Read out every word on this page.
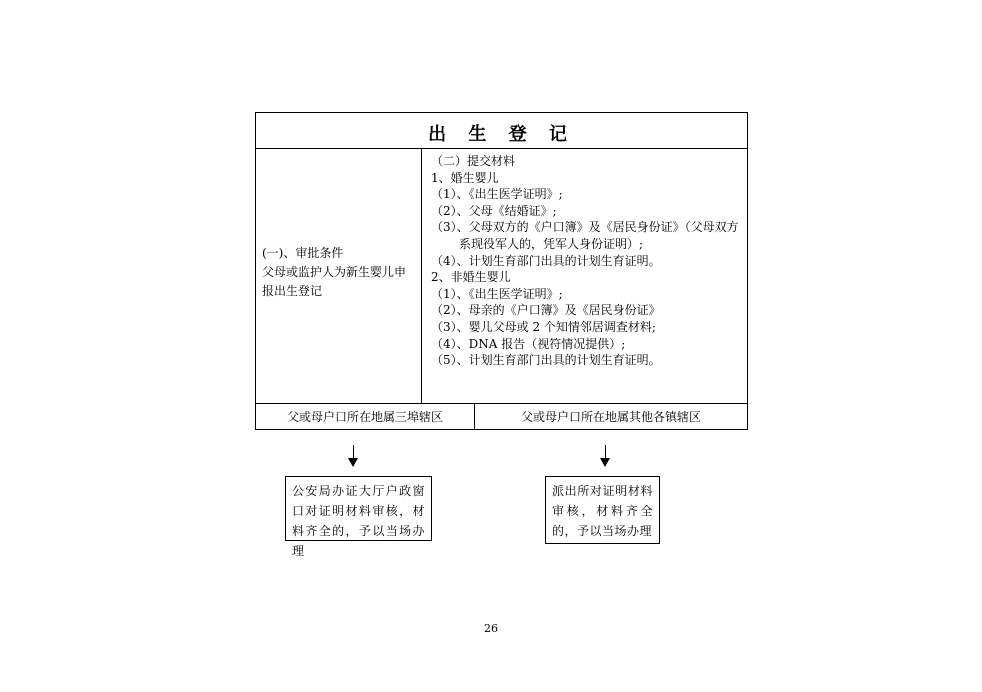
出 生 登 记
(一)、审批条件
父母或监护人为新生婴儿申
报出生登记
（二）提交材料
1、婚生婴儿
（1）、《出生医学证明》;
（2）、父母《结婚证》;
（3）、父母双方的《户口簿》及《居民身份证》（父母双方
系现役军人的，凭军人身份证明）;
（4）、计划生育部门出具的计划生育证明。
2、非婚生婴儿
（1）、《出生医学证明》;
（2）、母亲的《户口簿》及《居民身份证》
（3）、婴儿父母或 2 个知情邻居调查材料;
（4）、DNA 报告（视符情况提供）;
（5）、计划生育部门出具的计划生育证明。
父或母户口所在地属三埠辖区	父或母户口所在地属其他各镇辖区
公安局办证大厅户政窗口对证明材料审核，材料齐全的，予以当场办理
派出所对证明材料审核，材料齐全的，予以当场办理
26
